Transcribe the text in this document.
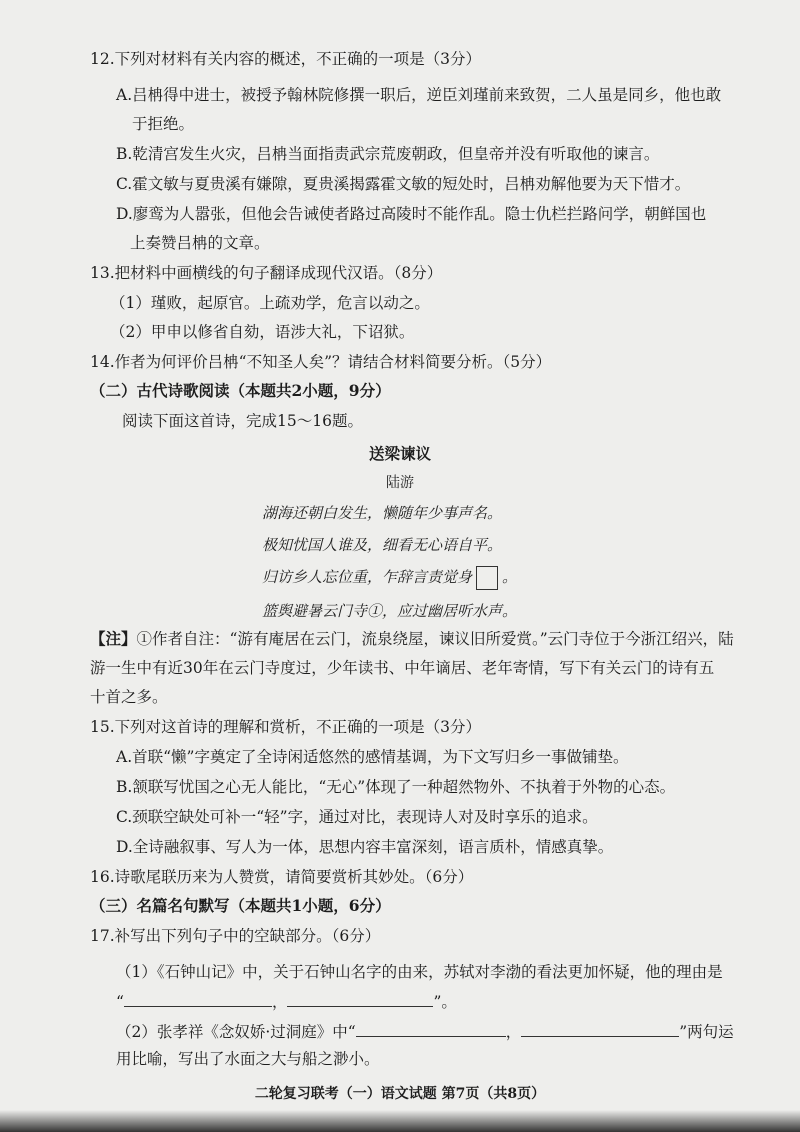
12.下列对材料有关内容的概述，不正确的一项是（3分）
A.吕柟得中进士，被授予翰林院修撰一职后，逆臣刘瑾前来致贺，二人虽是同乡，他也敢
于拒绝。
B.乾清宫发生火灾，吕柟当面指责武宗荒废朝政，但皇帝并没有听取他的谏言。
C.霍文敏与夏贵溪有嫌隙，夏贵溪揭露霍文敏的短处时，吕柟劝解他要为天下惜才。
D.廖鸾为人嚣张，但他会告诫使者路过高陵时不能作乱。隐士仇栏拦路问学，朝鲜国也
上奏赞吕柟的文章。
13.把材料中画横线的句子翻译成现代汉语。（8分）
（1）瑾败，起原官。上疏劝学，危言以动之。
（2）甲申以修省自劾，语涉大礼，下诏狱。
14.作者为何评价吕柟“不知圣人矣”？请结合材料简要分析。（5分）
（二）古代诗歌阅读（本题共2小题，9分）
阅读下面这首诗，完成15～16题。
送梁谏议
陆游
湖海还朝白发生，懒随年少事声名。
极知忧国人谁及，细看无心语自平。
归访乡人忘位重，乍辞言责觉身 。
篮舆避暑云门寺①，应过幽居听水声。
【注】①作者自注：“游有庵居在云门，流泉绕屋，谏议旧所爱赏。”云门寺位于今浙江绍兴，陆
游一生中有近30年在云门寺度过，少年读书、中年谪居、老年寄情，写下有关云门的诗有五
十首之多。
15.下列对这首诗的理解和赏析，不正确的一项是（3分）
A.首联“懒”字奠定了全诗闲适悠然的感情基调，为下文写归乡一事做铺垫。
B.颔联写忧国之心无人能比，“无心”体现了一种超然物外、不执着于外物的心态。
C.颈联空缺处可补一“轻”字，通过对比，表现诗人对及时享乐的追求。
D.全诗融叙事、写人为一体，思想内容丰富深刻，语言质朴，情感真挚。
16.诗歌尾联历来为人赞赏，请简要赏析其妙处。（6分）
（三）名篇名句默写（本题共1小题，6分）
17.补写出下列句子中的空缺部分。（6分）
（1）《石钟山记》中，关于石钟山名字的由来，苏轼对李渤的看法更加怀疑，他的理由是
“	，	”。
（2）张孝祥《念奴娇·过洞庭》中“	，	”两句运
用比喻，写出了水面之大与船之渺小。
二轮复习联考（一）语文试题 第7页（共8页）
